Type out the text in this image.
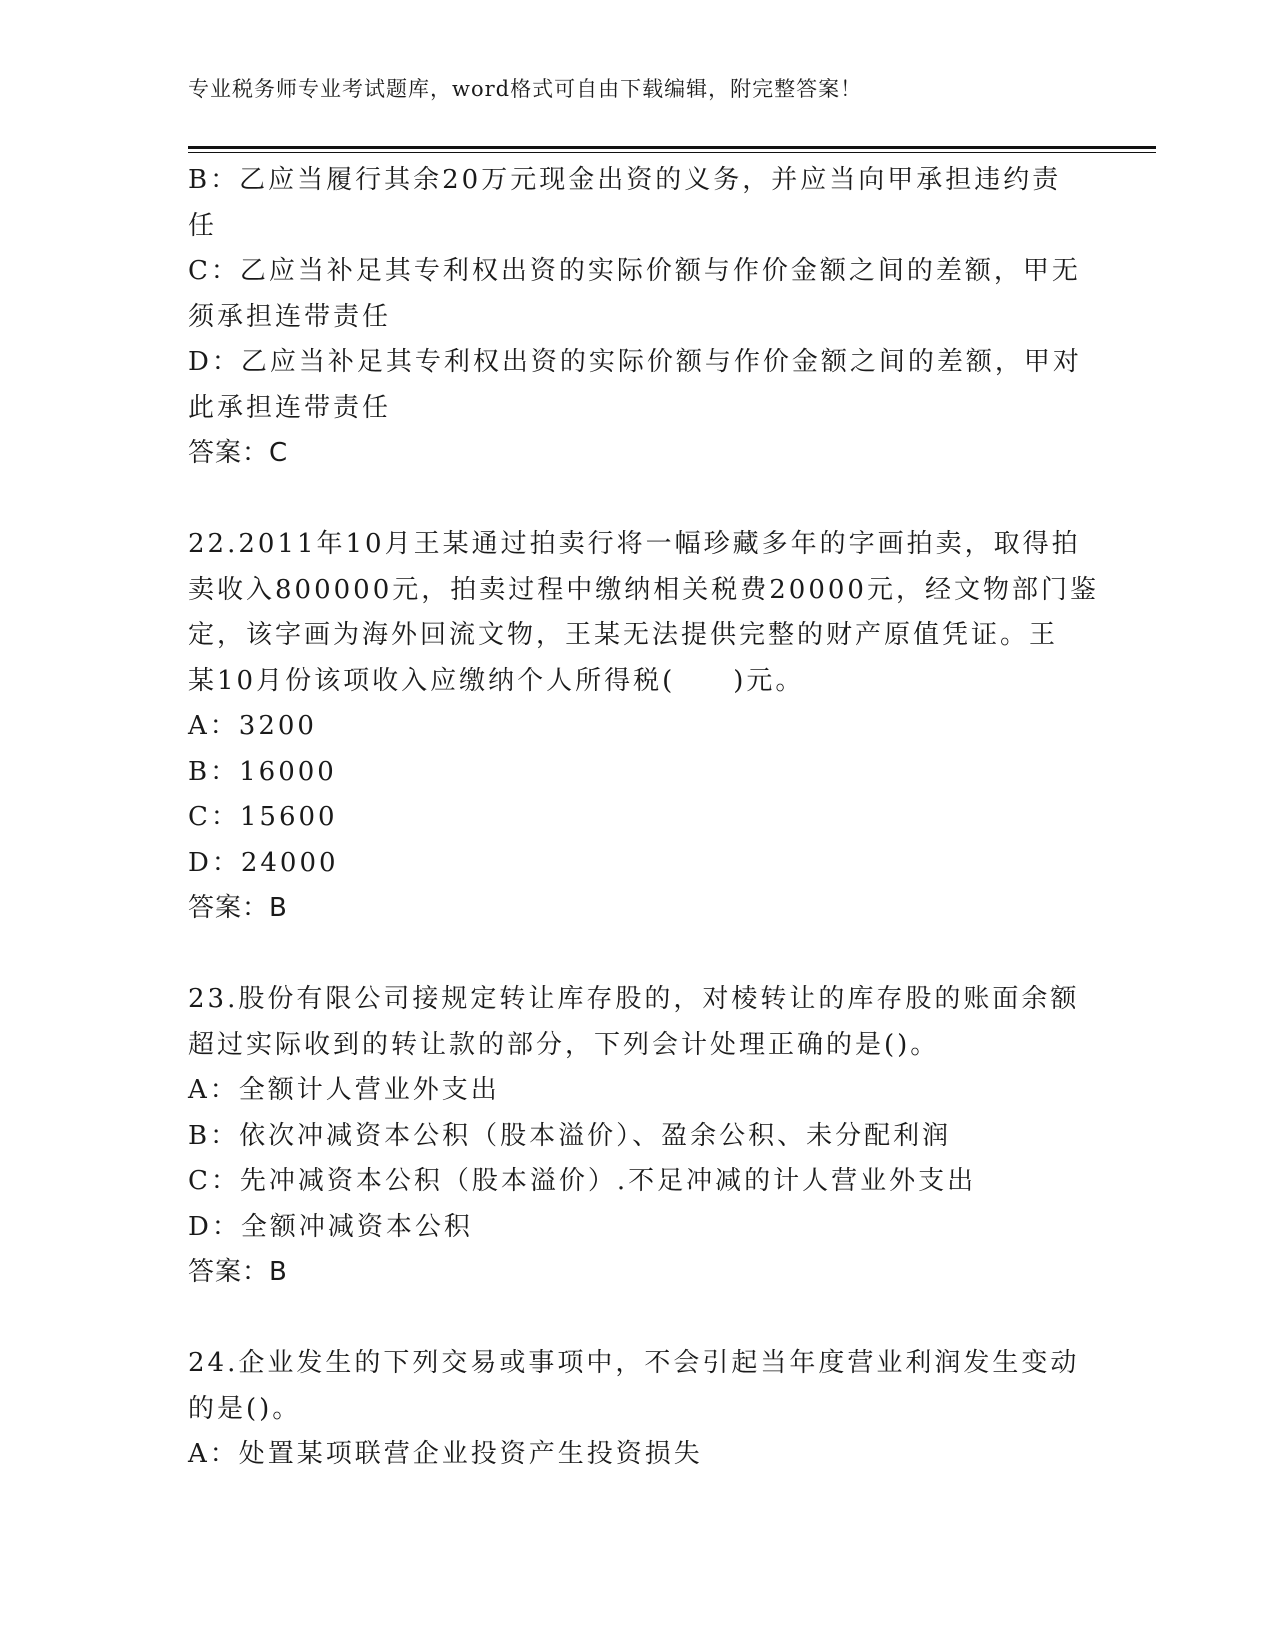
专业税务师专业考试题库，word格式可自由下载编辑，附完整答案！
B：乙应当履行其余20万元现金出资的义务，并应当向甲承担违约责
任
C：乙应当补足其专利权出资的实际价额与作价金额之间的差额，甲无
须承担连带责任
D：乙应当补足其专利权出资的实际价额与作价金额之间的差额，甲对
此承担连带责任
答案：C
22.2011年10月王某通过拍卖行将一幅珍藏多年的字画拍卖，取得拍
卖收入800000元，拍卖过程中缴纳相关税费20000元，经文物部门鉴
定，该字画为海外回流文物，王某无法提供完整的财产原值凭证。王
某10月份该项收入应缴纳个人所得税(　　)元。
A：3200
B：16000
C：15600
D：24000
答案：B
23.股份有限公司接规定转让库存股的，对棱转让的库存股的账面余额
超过实际收到的转让款的部分，下列会计处理正确的是()。
A：全额计人营业外支出
B：依次冲减资本公积（股本溢价）、盈余公积、未分配利润
C：先冲减资本公积（股本溢价）.不足冲减的计人营业外支出
D：全额冲减资本公积
答案：B
24.企业发生的下列交易或事项中，不会引起当年度营业利润发生变动
的是()。
A：处置某项联营企业投资产生投资损失
